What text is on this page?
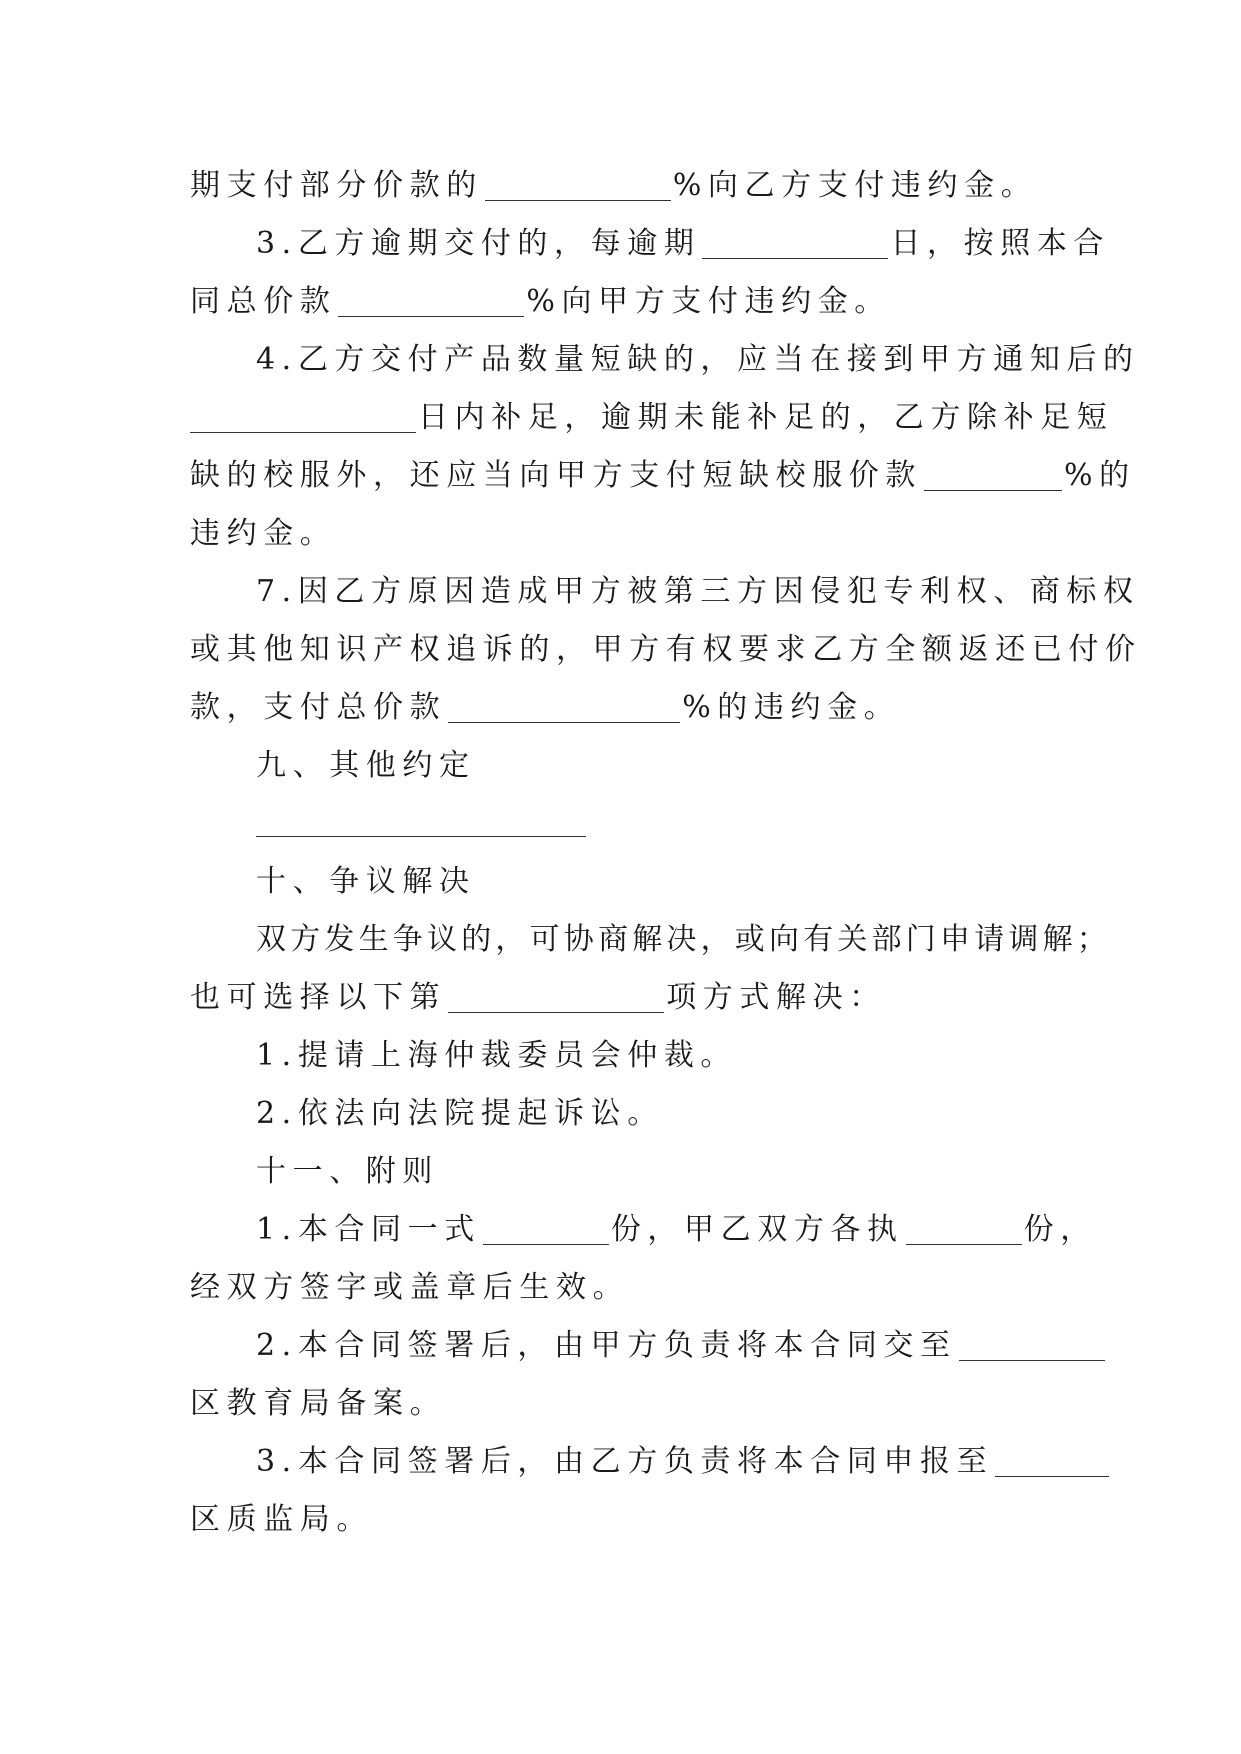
期支付部分价款的	%向乙方支付违约金。
3.乙方逾期交付的，每逾期	日，按照本合
同总价款	%向甲方支付违约金。
4.乙方交付产品数量短缺的，应当在接到甲方通知后的
日内补足，逾期未能补足的，乙方除补足短
缺的校服外，还应当向甲方支付短缺校服价款	%的
违约金。
7.因乙方原因造成甲方被第三方因侵犯专利权、商标权
或其他知识产权追诉的，甲方有权要求乙方全额返还已付价
款，支付总价款	%的违约金。
九、其他约定
十、争议解决
双方发生争议的，可协商解决，或向有关部门申请调解；
也可选择以下第	项方式解决：
1.提请上海仲裁委员会仲裁。
2.依法向法院提起诉讼。
十一、附则
1.本合同一式	份，甲乙双方各执	份，
经双方签字或盖章后生效。
2.本合同签署后，由甲方负责将本合同交至
区教育局备案。
3.本合同签署后，由乙方负责将本合同申报至
区质监局。
